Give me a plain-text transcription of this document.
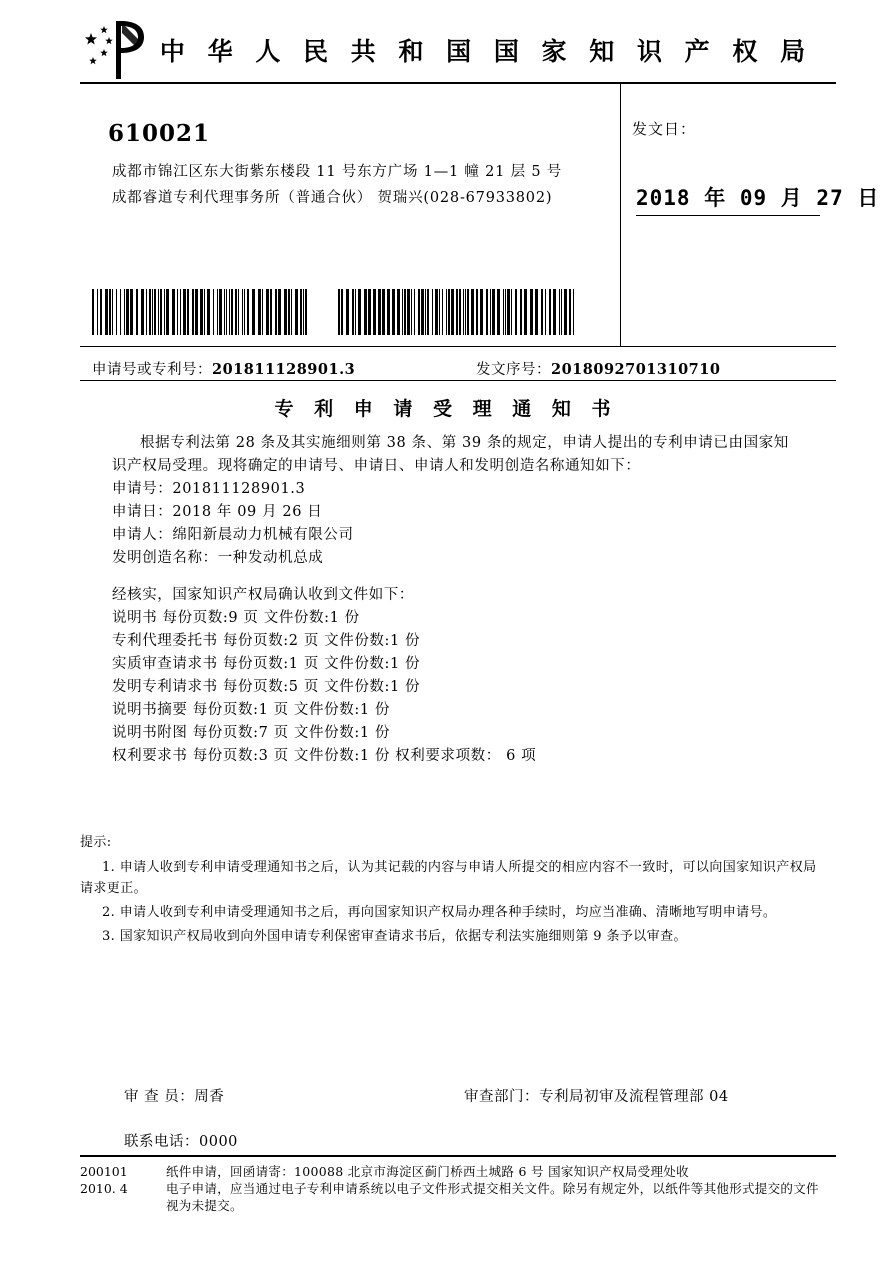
中 华 人 民 共 和 国 国 家 知 识 产 权 局
610021
成都市锦江区东大街紫东楼段 11 号东方广场 1—1 幢 21 层 5 号
成都睿道专利代理事务所（普通合伙） 贺瑞兴(028-67933802)
发文日：
2018 年 09 月 27 日
申请号或专利号：201811128901.3	发文序号：2018092701310710
专 利 申 请 受 理 通 知 书

根据专利法第 28 条及其实施细则第 38 条、第 39 条的规定，申请人提出的专利申请已由国家知识产权局受理。现将确定的申请号、申请日、申请人和发明创造名称通知如下：

申请号：201811128901.3

申请日：2018 年 09 月 26 日

申请人：绵阳新晨动力机械有限公司

发明创造名称：一种发动机总成

经核实，国家知识产权局确认收到文件如下：

说明书 每份页数:9 页 文件份数:1 份

专利代理委托书 每份页数:2 页 文件份数:1 份

实质审查请求书 每份页数:1 页 文件份数:1 份

发明专利请求书 每份页数:5 页 文件份数:1 份

说明书摘要 每份页数:1 页 文件份数:1 份

说明书附图 每份页数:7 页 文件份数:1 份

权利要求书 每份页数:3 页 文件份数:1 份 权利要求项数： 6 项

提示:

1. 申请人收到专利申请受理通知书之后，认为其记载的内容与申请人所提交的相应内容不一致时，可以向国家知识产权局请求更正。

2. 申请人收到专利申请受理通知书之后，再向国家知识产权局办理各种手续时，均应当准确、清晰地写明申请号。

3. 国家知识产权局收到向外国申请专利保密审查请求书后，依据专利法实施细则第 9 条予以审查。

审 查 员：周香	审查部门：专利局初审及流程管理部 04
联系电话：0000

200101

2010. 4

纸件申请，回函请寄：100088 北京市海淀区蓟门桥西土城路 6 号 国家知识产权局受理处收

电子申请，应当通过电子专利申请系统以电子文件形式提交相关文件。除另有规定外，以纸件等其他形式提交的文件视为未提交。
